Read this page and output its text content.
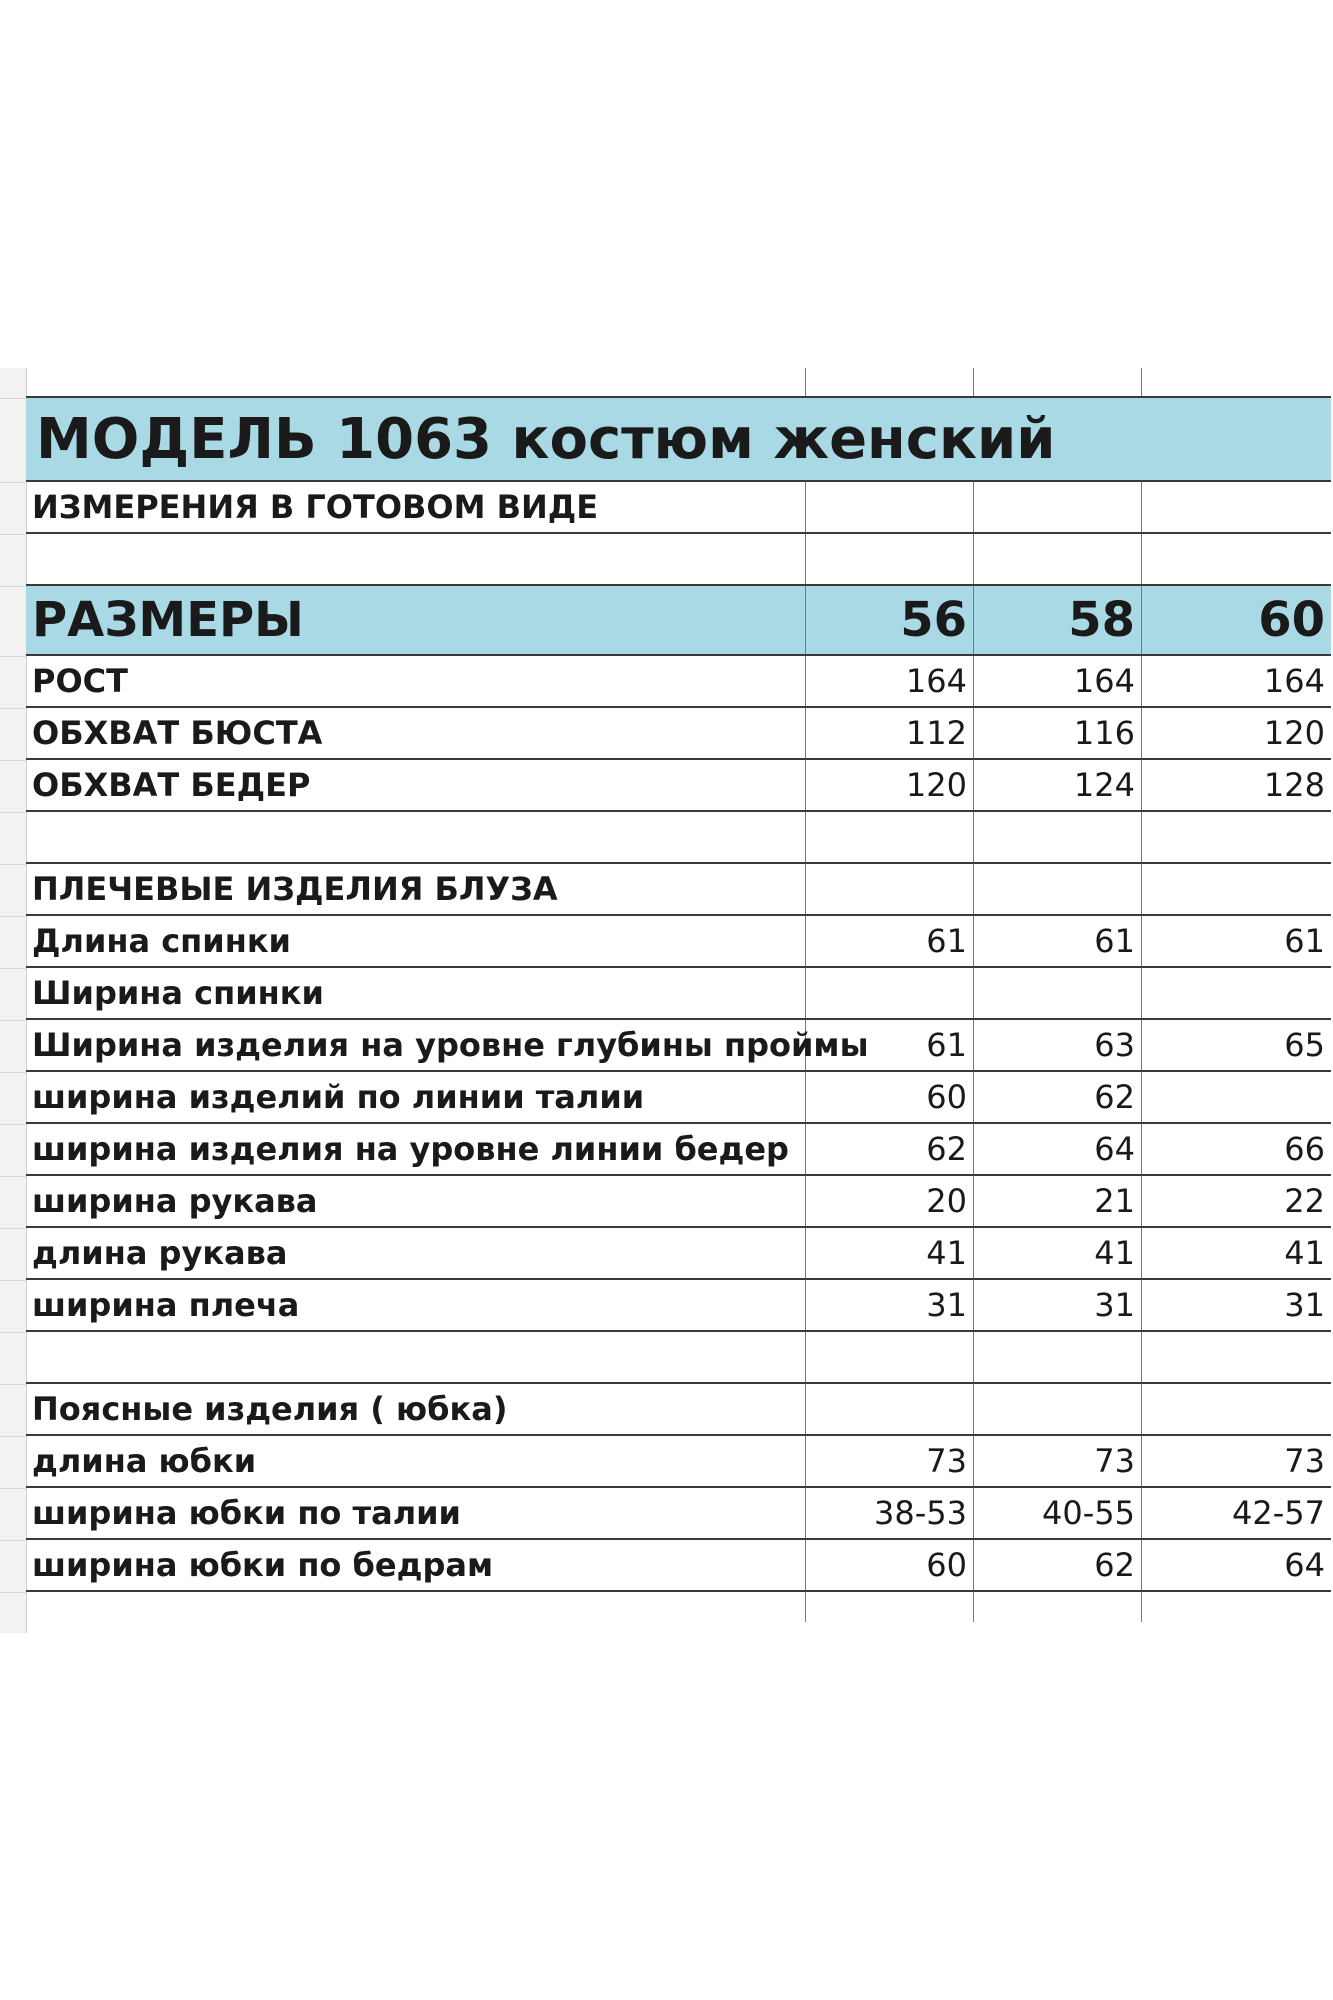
МОДЕЛЬ 1063 костюм женский
ИЗМЕРЕНИЯ В ГОТОВОМ ВИДЕ
РАЗМЕРЫ	56	58	60
РОСТ	164	164	164
ОБХВАТ БЮСТА	112	116	120
ОБХВАТ БЕДЕР	120	124	128
ПЛЕЧЕВЫЕ ИЗДЕЛИЯ БЛУЗА
Длина спинки	61	61	61
Ширина спинки
Ширина изделия на уровне глубины проймы	61	63	65
ширина изделий по линии талии	60	62
ширина изделия на уровне линии бедер	62	64	66
ширина рукава	20	21	22
длина рукава	41	41	41
ширина плеча	31	31	31
Поясные изделия ( юбка)
длина юбки	73	73	73
ширина юбки по талии	38-53	40-55	42-57
ширина юбки по бедрам	60	62	64
